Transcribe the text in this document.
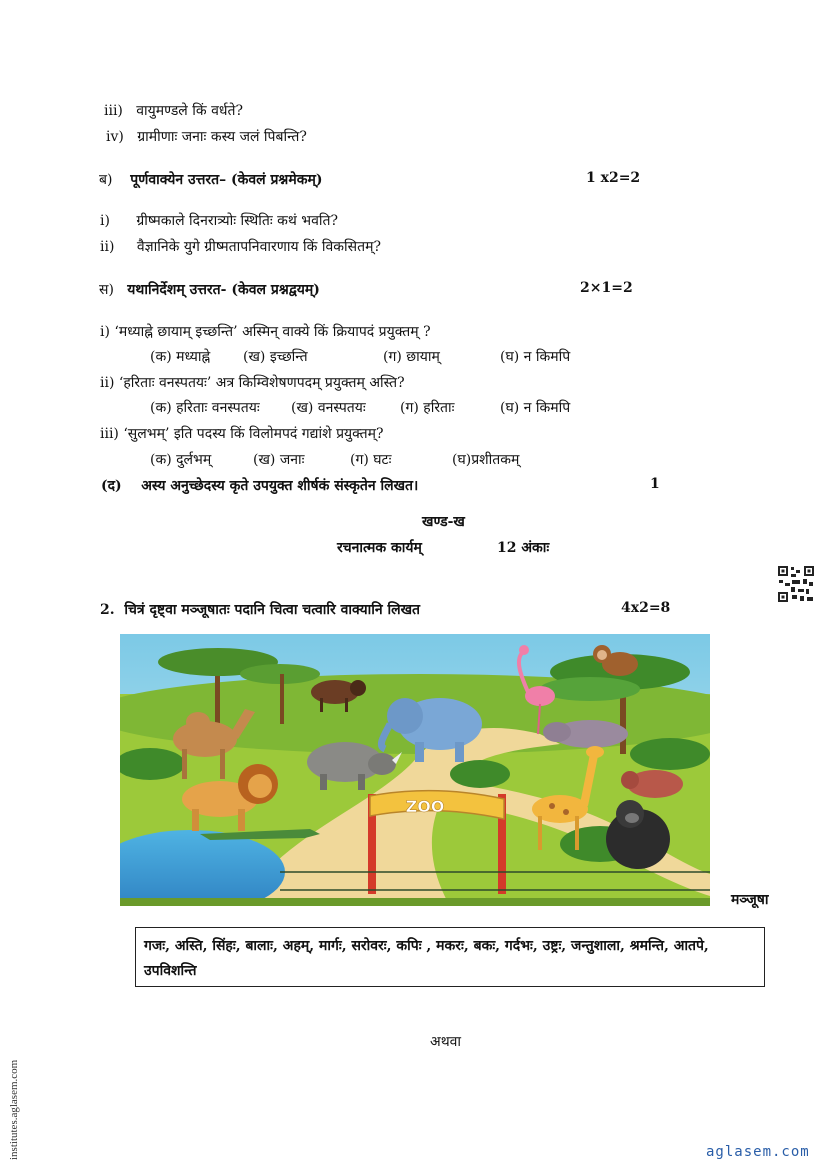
iii) वायुमण्डले किं वर्धते?
iv) ग्रामीणाः जनाः कस्य जलं पिबन्ति?
ब) पूर्णवाक्येन उत्तरत– (केवलं प्रश्नमेकम्)	1 x2=2
i) ग्रीष्मकाले दिनरात्र्योः स्थितिः कथं भवति?
ii) वैज्ञानिके युगे ग्रीष्मतापनिवारणाय किं विकसितम्?
स) यथानिर्देशम् उत्तरत- (केवल प्रश्नद्वयम्)	2×1=2
i) ‘मध्याह्ने छायाम् इच्छन्ति’ अस्मिन् वाक्ये किं क्रियापदं प्रयुक्तम् ?
(क) मध्याह्ने (ख) इच्छन्ति	(ग) छायाम्	(घ) न किमपि
ii) ‘हरिताः वनस्पतयः’ अत्र किम्विशेषणपदम् प्रयुक्तम् अस्ति?
(क) हरिताः वनस्पतयः (ख) वनस्पतयः (ग) हरिताः	(घ) न किमपि
iii) ‘सुलभम्’ इति पदस्य किं विलोमपदं गद्यांशे प्रयुक्तम्?
(क) दुर्लभम्	(ख) जनाः	(ग) घटः	(घ)प्रशीतकम्
(द) अस्य अनुच्छेदस्य कृते उपयुक्त शीर्षकं संस्कृतेन लिखत।	1
खण्ड-ख
रचनात्मक कार्यम्	12 अंकाः
2. चित्रं दृष्ट्वा मञ्जूषातः पदानि चित्वा चत्वारि वाक्यानि लिखत	4x2=8
ZOO
मञ्जूषा
गजः, अस्ति, सिंहः, बालाः, अहम्, मार्गः, सरोवरः, कपिः , मकरः, बकः, गर्दभः, उष्ट्रः, जन्तुशाला, श्रमन्ति, आतपे, उपविशन्ति
अथवा
institutes.aglasem.com	aglasem.com
